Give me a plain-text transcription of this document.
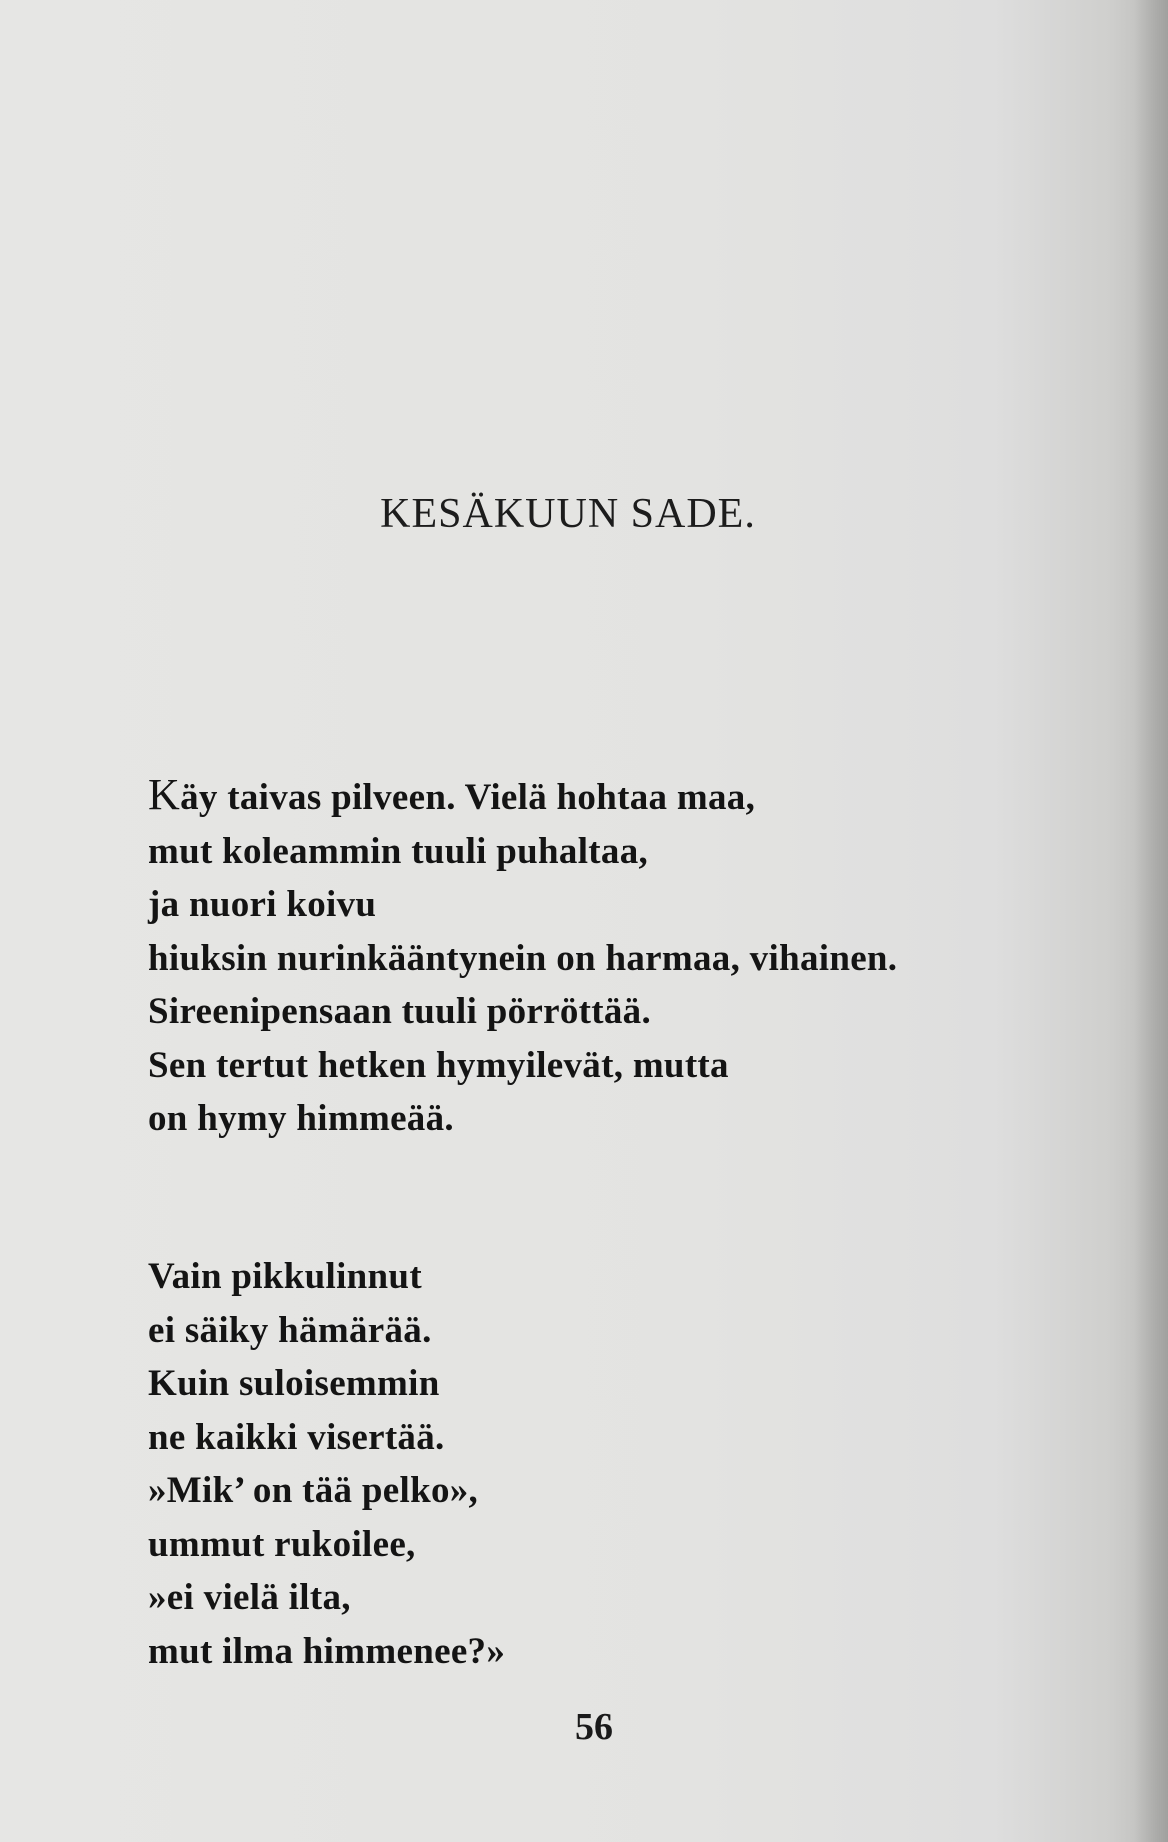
KESÄKUUN SADE.
Käy taivas pilveen. Vielä hohtaa maa,
mut koleammin tuuli puhaltaa,
ja nuori koivu
hiuksin nurinkääntynein on harmaa, vihainen.
Sireenipensaan tuuli pörröttää.
Sen tertut hetken hymyilevät, mutta
on hymy himmeää.
Vain pikkulinnut
ei säiky hämärää.
Kuin suloisemmin
ne kaikki visertää.
»Mik’ on tää pelko»,
ummut rukoilee,
»ei vielä ilta,
mut ilma himmenee?»
56
